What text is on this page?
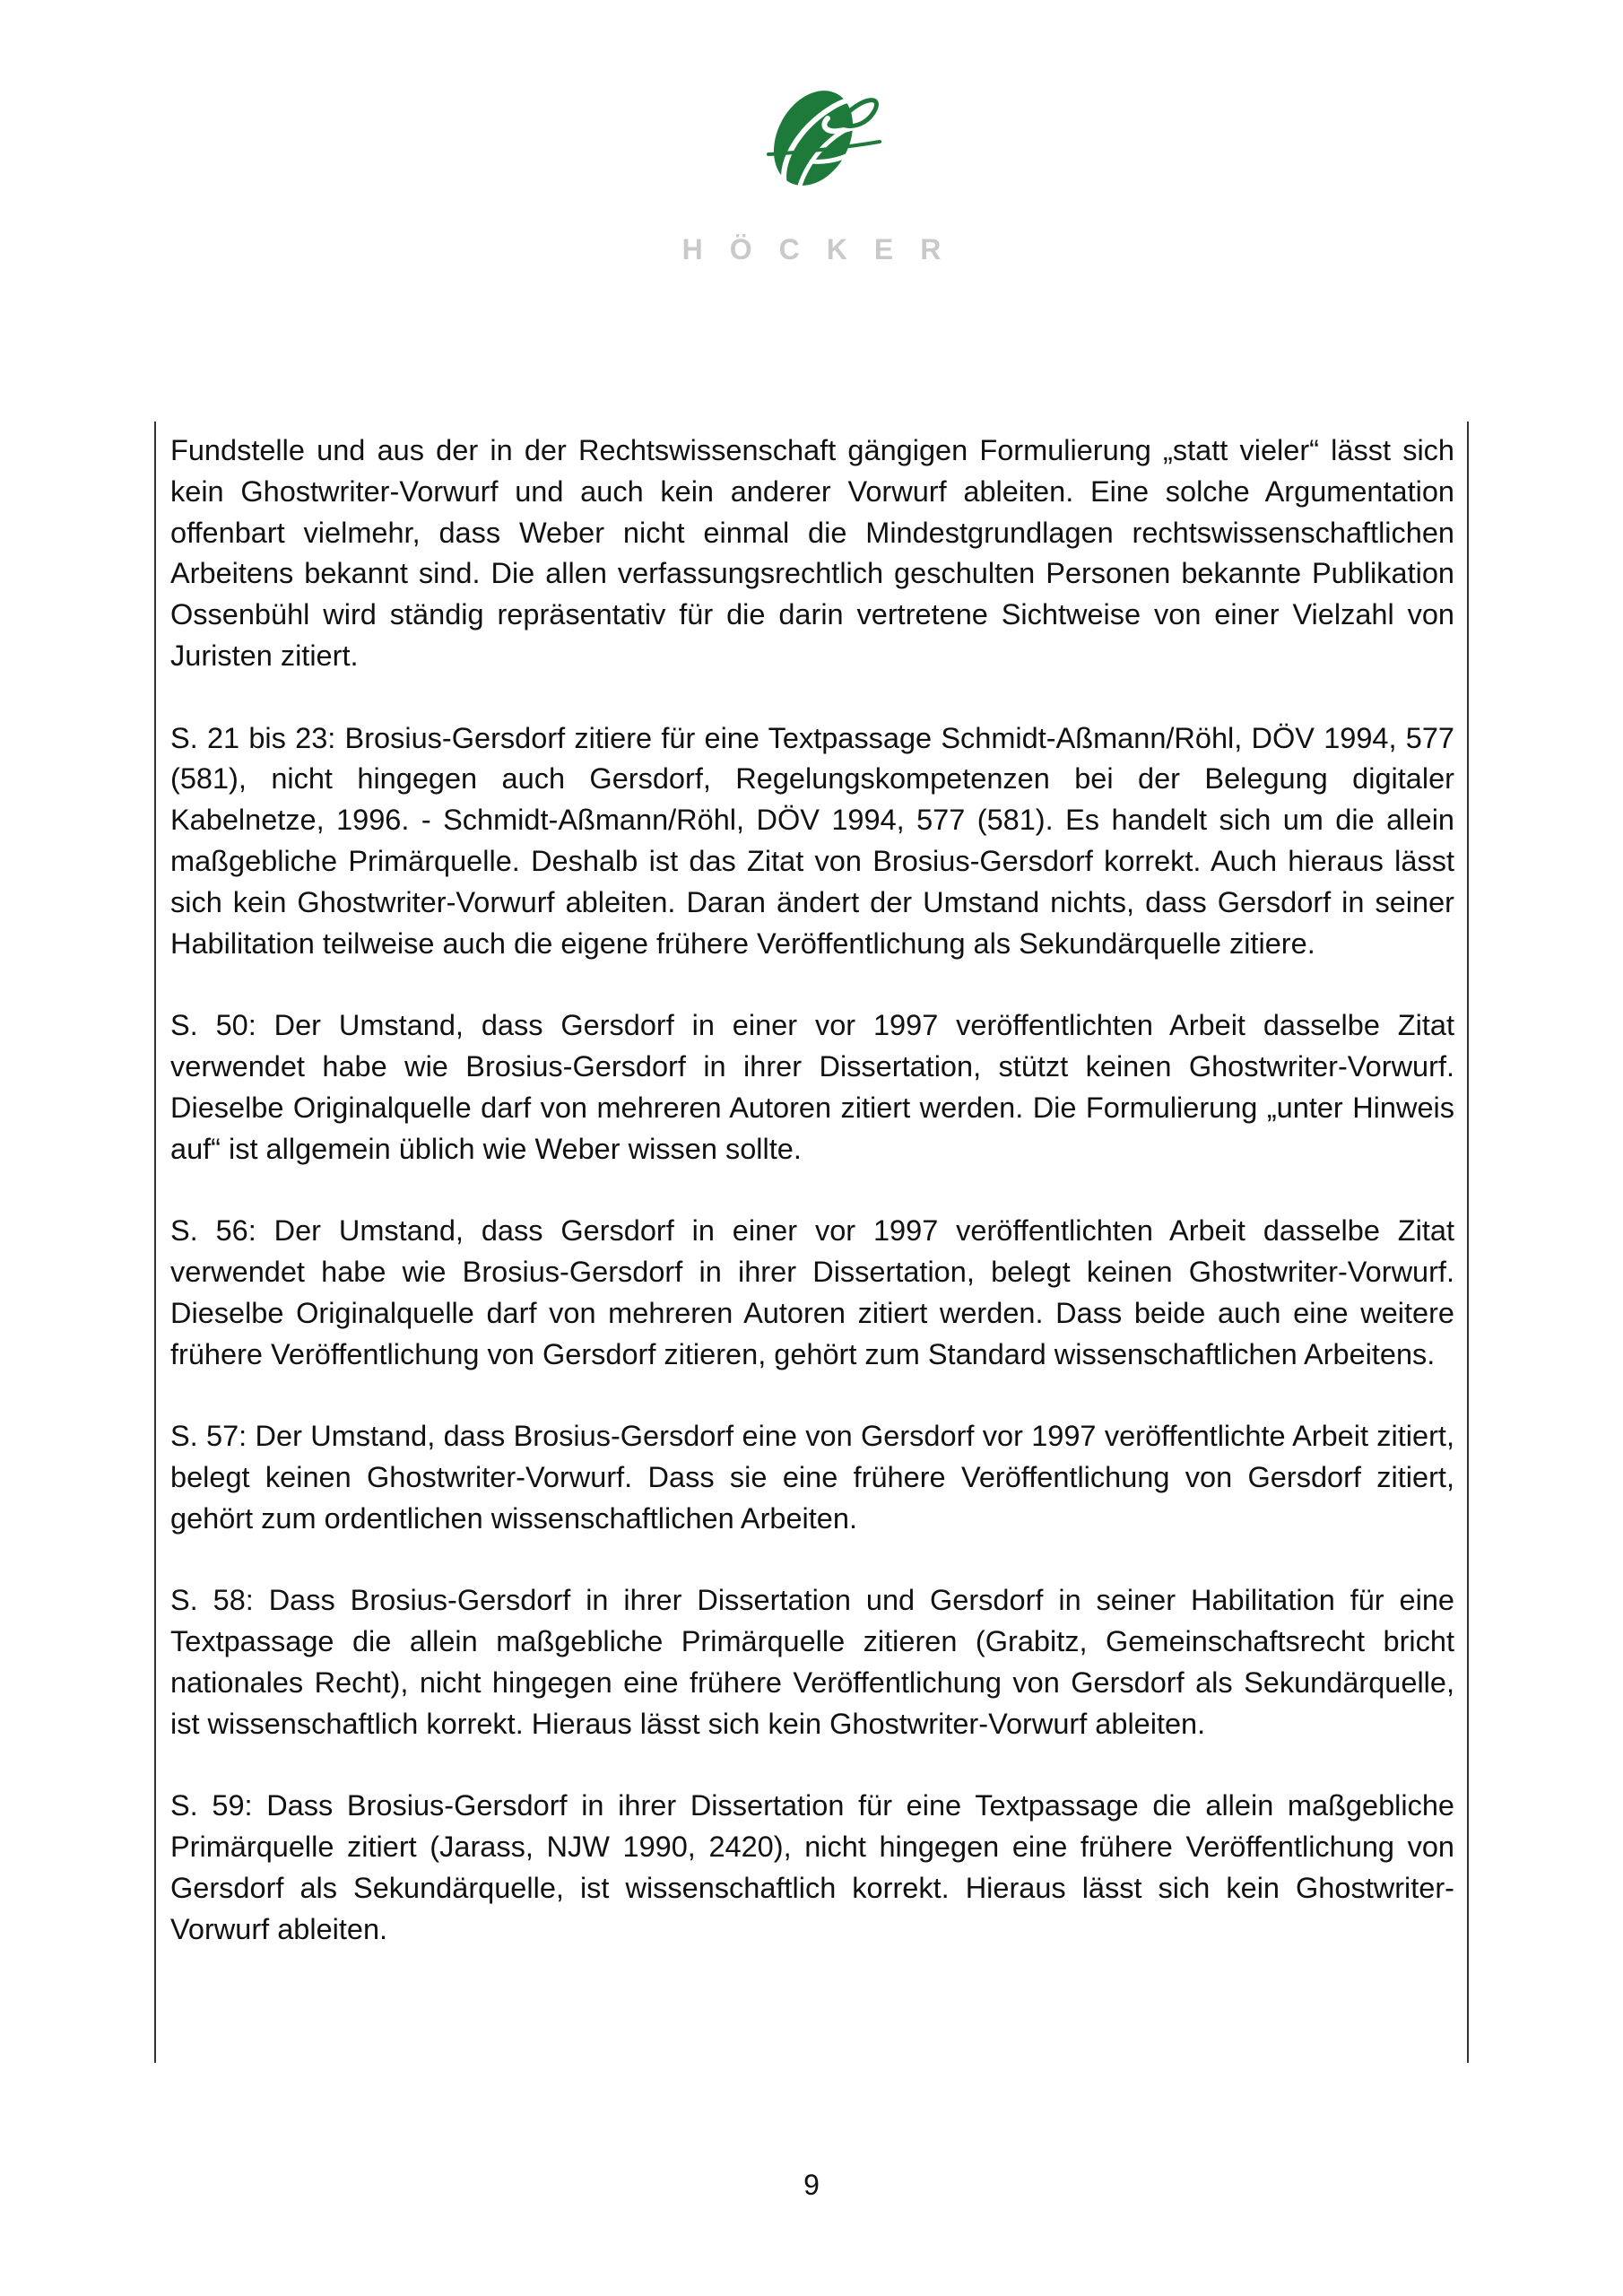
HÖCKER

Fundstelle und aus der in der Rechtswissenschaft gängigen Formulierung „statt vieler“ lässt sich kein Ghostwriter-Vorwurf und auch kein anderer Vorwurf ableiten. Eine solche Argumentation offenbart vielmehr, dass Weber nicht einmal die Mindestgrundlagen rechtswissenschaftlichen Arbeitens bekannt sind. Die allen verfassungsrechtlich geschulten Personen bekannte Publikation Ossenbühl wird ständig repräsentativ für die darin vertretene Sichtweise von einer Vielzahl von Juristen zitiert.

S. 21 bis 23: Brosius-Gersdorf zitiere für eine Textpassage Schmidt-Aßmann/Röhl, DÖV 1994, 577 (581), nicht hingegen auch Gersdorf, Regelungskompetenzen bei der Belegung digitaler Kabelnetze, 1996. - Schmidt-Aßmann/Röhl, DÖV 1994, 577 (581). Es handelt sich um die allein maßgebliche Primärquelle. Deshalb ist das Zitat von Brosius-Gersdorf korrekt. Auch hieraus lässt sich kein Ghostwriter-Vorwurf ableiten. Daran ändert der Umstand nichts, dass Gersdorf in seiner Habilitation teilweise auch die eigene frühere Veröffentlichung als Sekundärquelle zitiere.

S. 50: Der Umstand, dass Gersdorf in einer vor 1997 veröffentlichten Arbeit dasselbe Zitat verwendet habe wie Brosius-Gersdorf in ihrer Dissertation, stützt keinen Ghostwriter-Vorwurf. Dieselbe Originalquelle darf von mehreren Autoren zitiert werden. Die Formulierung „unter Hinweis auf“ ist allgemein üblich wie Weber wissen sollte.

S. 56: Der Umstand, dass Gersdorf in einer vor 1997 veröffentlichten Arbeit dasselbe Zitat verwendet habe wie Brosius-Gersdorf in ihrer Dissertation, belegt keinen Ghostwriter-Vorwurf. Dieselbe Originalquelle darf von mehreren Autoren zitiert werden. Dass beide auch eine weitere frühere Veröffentlichung von Gersdorf zitieren, gehört zum Standard wissenschaftlichen Arbeitens.

S. 57: Der Umstand, dass Brosius-Gersdorf eine von Gersdorf vor 1997 veröffentlichte Arbeit zitiert, belegt keinen Ghostwriter-Vorwurf. Dass sie eine frühere Veröffentlichung von Gersdorf zitiert, gehört zum ordentlichen wissenschaftlichen Arbeiten.

S. 58: Dass Brosius-Gersdorf in ihrer Dissertation und Gersdorf in seiner Habilitation für eine Textpassage die allein maßgebliche Primärquelle zitieren (Grabitz, Gemeinschaftsrecht bricht nationales Recht), nicht hingegen eine frühere Veröffentlichung von Gersdorf als Sekundärquelle, ist wissenschaftlich korrekt. Hieraus lässt sich kein Ghostwriter-Vorwurf ableiten.

S. 59: Dass Brosius-Gersdorf in ihrer Dissertation für eine Textpassage die allein maßgebliche Primärquelle zitiert (Jarass, NJW 1990, 2420), nicht hingegen eine frühere Veröffentlichung von Gersdorf als Sekundärquelle, ist wissenschaftlich korrekt. Hieraus lässt sich kein Ghostwriter-Vorwurf ableiten.

9
